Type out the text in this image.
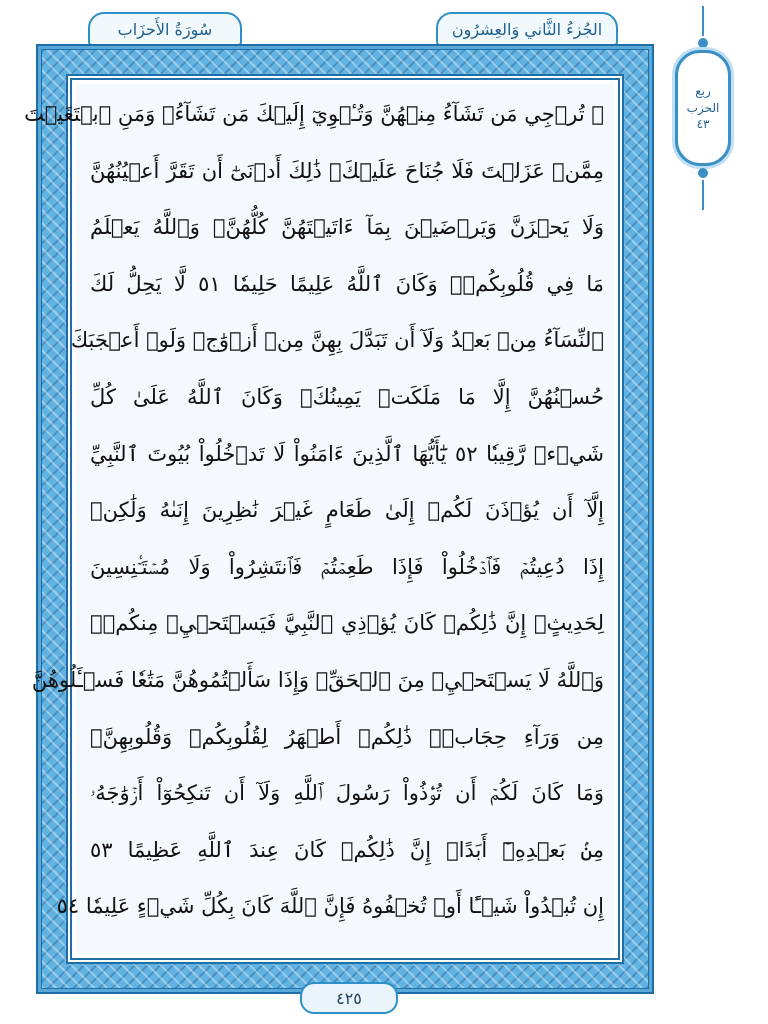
الجُزءُ الثَّاني وَالعِشرُون
سُورَةُ الأَحزَاب
۞ تُرۡجِي مَن تَشَآءُ مِنۡهُنَّ وَتُـٔۡوِيٓ إِلَيۡكَ مَن تَشَآءُۖ وَمَنِ ٱبۡتَغَيۡتَ
مِمَّنۡ عَزَلۡتَ فَلَا جُنَاحَ عَلَيۡكَۚ ذَٰلِكَ أَدۡنَىٰٓ أَن تَقَرَّ أَعۡيُنُهُنَّ
وَلَا يَحۡزَنَّ وَيَرۡضَيۡنَ بِمَآ ءَاتَيۡتَهُنَّ كُلُّهُنَّۚ وَٱللَّهُ يَعۡلَمُ
مَا فِي قُلُوبِكُمۡۚ وَكَانَ ٱللَّهُ عَلِيمًا حَلِيمٗا ٥١ لَّا يَحِلُّ لَكَ
ٱلنِّسَآءُ مِنۢ بَعۡدُ وَلَآ أَن تَبَدَّلَ بِهِنَّ مِنۡ أَزۡوَٰجٖ وَلَوۡ أَعۡجَبَكَ
حُسۡنُهُنَّ إِلَّا مَا مَلَكَتۡ يَمِينُكَۗ وَكَانَ ٱللَّهُ عَلَىٰ كُلِّ
شَيۡءٖ رَّقِيبٗا ٥٢ يَٰٓأَيُّهَا ٱلَّذِينَ ءَامَنُواْ لَا تَدۡخُلُواْ بُيُوتَ ٱلنَّبِيِّ
إِلَّآ أَن يُؤۡذَنَ لَكُمۡ إِلَىٰ طَعَامٍ غَيۡرَ نَٰظِرِينَ إِنَىٰهُ وَلَٰكِنۡ
إِذَا دُعِيتُمۡ فَٱدۡخُلُواْ فَإِذَا طَعِمۡتُمۡ فَٱنتَشِرُواْ وَلَا مُسۡتَـٔۡنِسِينَ
لِحَدِيثٍۚ إِنَّ ذَٰلِكُمۡ كَانَ يُؤۡذِي ٱلنَّبِيَّ فَيَسۡتَحۡيِۦ مِنكُمۡۖ
وَٱللَّهُ لَا يَسۡتَحۡيِۦ مِنَ ٱلۡحَقِّۚ وَإِذَا سَأَلۡتُمُوهُنَّ مَتَٰعٗا فَسۡـَٔلُوهُنَّ
مِن وَرَآءِ حِجَابٖۚ ذَٰلِكُمۡ أَطۡهَرُ لِقُلُوبِكُمۡ وَقُلُوبِهِنَّۚ
وَمَا كَانَ لَكُمۡ أَن تُؤۡذُواْ رَسُولَ ٱللَّهِ وَلَآ أَن تَنكِحُوٓاْ أَزۡوَٰجَهُۥ
مِنۢ بَعۡدِهِۦٓ أَبَدًاۚ إِنَّ ذَٰلِكُمۡ كَانَ عِندَ ٱللَّهِ عَظِيمًا ٥٣
إِن تُبۡدُواْ شَيۡـًٔا أَوۡ تُخۡفُوهُ فَإِنَّ ٱللَّهَ كَانَ بِكُلِّ شَيۡءٍ عَلِيمٗا ٥٤
٤٢٥
ربع
الحزب
٤٣
